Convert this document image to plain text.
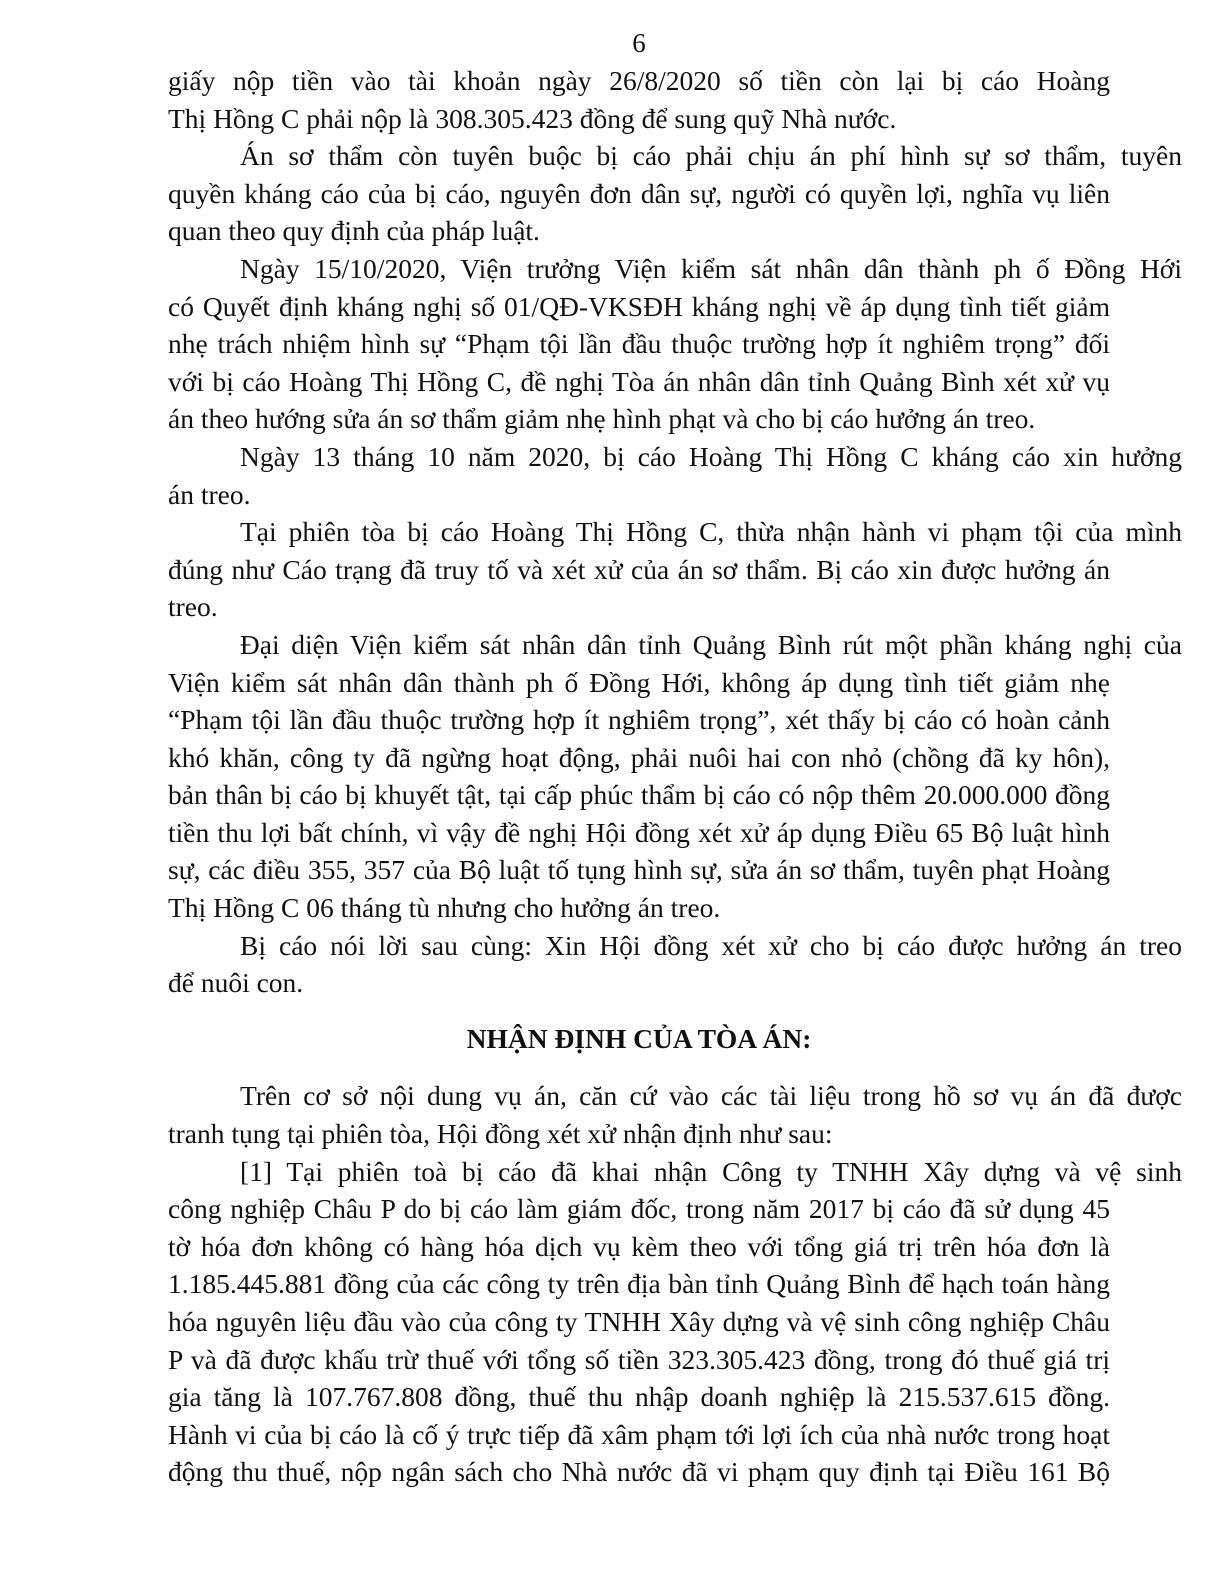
6
giấy nộp tiền vào tài khoản ngày 26/8/2020 số tiền còn lại bị cáo Hoàng
Thị Hồng C phải nộp là 308.305.423 đồng để sung quỹ Nhà nước.
Án sơ thẩm còn tuyên buộc bị cáo phải chịu án phí hình sự sơ thẩm, tuyên
quyền kháng cáo của bị cáo, nguyên đơn dân sự, người có quyền lợi, nghĩa vụ liên
quan theo quy định của pháp luật.
Ngày 15/10/2020, Viện trưởng Viện kiểm sát nhân dân thành ph ố Đồng Hới
có Quyết định kháng nghị số 01/QĐ-VKSĐH kháng nghị về áp dụng tình tiết giảm
nhẹ trách nhiệm hình sự “Phạm tội lần đầu thuộc trường hợp ít nghiêm trọng” đối
với bị cáo Hoàng Thị Hồng C, đề nghị Tòa án nhân dân tỉnh Quảng Bình xét xử vụ
án theo hướng sửa án sơ thẩm giảm nhẹ hình phạt và cho bị cáo hưởng án treo.
Ngày 13 tháng 10 năm 2020, bị cáo Hoàng Thị Hồng C kháng cáo xin hưởng
án treo.
Tại phiên tòa bị cáo Hoàng Thị Hồng C, thừa nhận hành vi phạm tội của mình
đúng như Cáo trạng đã truy tố và xét xử của án sơ thẩm. Bị cáo xin được hưởng án
treo.
Đại diện Viện kiểm sát nhân dân tỉnh Quảng Bình rút một phần kháng nghị của
Viện kiểm sát nhân dân thành ph ố Đồng Hới, không áp dụng tình tiết giảm nhẹ
“Phạm tội lần đầu thuộc trường hợp ít nghiêm trọng”, xét thấy bị cáo có hoàn cảnh
khó khăn, công ty đã ngừng hoạt động, phải nuôi hai con nhỏ (chồng đã ky hôn),
bản thân bị cáo bị khuyết tật, tại cấp phúc thẩm bị cáo có nộp thêm 20.000.000 đồng
tiền thu lợi bất chính, vì vậy đề nghị Hội đồng xét xử áp dụng Điều 65 Bộ luật hình
sự, các điều 355, 357 của Bộ luật tố tụng hình sự, sửa án sơ thẩm, tuyên phạt Hoàng
Thị Hồng C 06 tháng tù nhưng cho hưởng án treo.
Bị cáo nói lời sau cùng: Xin Hội đồng xét xử cho bị cáo được hưởng án treo
để nuôi con.
NHẬN ĐỊNH CỦA TÒA ÁN:
Trên cơ sở nội dung vụ án, căn cứ vào các tài liệu trong hồ sơ vụ án đã được
tranh tụng tại phiên tòa, Hội đồng xét xử nhận định như sau:
[1] Tại phiên toà bị cáo đã khai nhận Công ty TNHH Xây dựng và vệ sinh
công nghiệp Châu P do bị cáo làm giám đốc, trong năm 2017 bị cáo đã sử dụng 45
tờ hóa đơn không có hàng hóa dịch vụ kèm theo với tổng giá trị trên hóa đơn là
1.185.445.881 đồng của các công ty trên địa bàn tỉnh Quảng Bình để hạch toán hàng
hóa nguyên liệu đầu vào của công ty TNHH Xây dựng và vệ sinh công nghiệp Châu
P và đã được khấu trừ thuế với tổng số tiền 323.305.423 đồng, trong đó thuế giá trị
gia tăng là 107.767.808 đồng, thuế thu nhập doanh nghiệp là 215.537.615 đồng.
Hành vi của bị cáo là cố ý trực tiếp đã xâm phạm tới lợi ích của nhà nước trong hoạt
động thu thuế, nộp ngân sách cho Nhà nước đã vi phạm quy định tại Điều 161 Bộ
